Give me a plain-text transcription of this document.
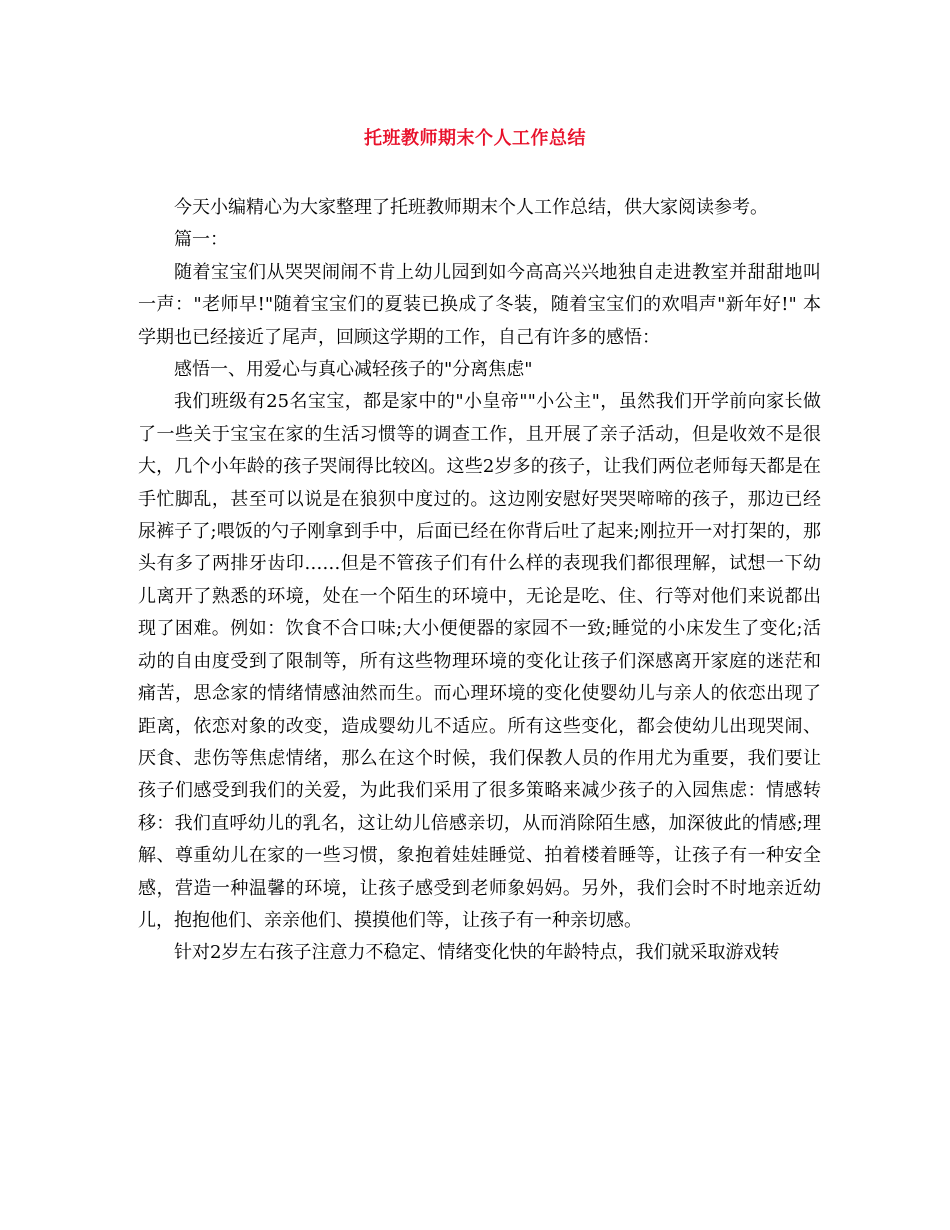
托班教师期末个人工作总结

今天小编精心为大家整理了托班教师期末个人工作总结，供大家阅读参考。

篇一：

随着宝宝们从哭哭闹闹不肯上幼儿园到如今高高兴兴地独自走进教室并甜甜地叫一声："老师早!"随着宝宝们的夏装已换成了冬装，随着宝宝们的欢唱声"新年好!" 本学期也已经接近了尾声，回顾这学期的工作，自己有许多的感悟：

感悟一、用爱心与真心减轻孩子的"分离焦虑"

我们班级有25名宝宝，都是家中的"小皇帝""小公主"，虽然我们开学前向家长做了一些关于宝宝在家的生活习惯等的调查工作，且开展了亲子活动，但是收效不是很大，几个小年龄的孩子哭闹得比较凶。这些2岁多的孩子，让我们两位老师每天都是在手忙脚乱，甚至可以说是在狼狈中度过的。这边刚安慰好哭哭啼啼的孩子，那边已经尿裤子了;喂饭的勺子刚拿到手中，后面已经在你背后吐了起来;刚拉开一对打架的，那头有多了两排牙齿印……但是不管孩子们有什么样的表现我们都很理解，试想一下幼儿离开了熟悉的环境，处在一个陌生的环境中，无论是吃、住、行等对他们来说都出现了困难。例如：饮食不合口味;大小便便器的家园不一致;睡觉的小床发生了变化;活动的自由度受到了限制等，所有这些物理环境的变化让孩子们深感离开家庭的迷茫和痛苦，思念家的情绪情感油然而生。而心理环境的变化使婴幼儿与亲人的依恋出现了距离，依恋对象的改变，造成婴幼儿不适应。所有这些变化，都会使幼儿出现哭闹、厌食、悲伤等焦虑情绪，那么在这个时候，我们保教人员的作用尤为重要，我们要让孩子们感受到我们的关爱，为此我们采用了很多策略来减少孩子的入园焦虑：情感转移：我们直呼幼儿的乳名，这让幼儿倍感亲切，从而消除陌生感，加深彼此的情感;理解、尊重幼儿在家的一些习惯，象抱着娃娃睡觉、拍着楼着睡等，让孩子有一种安全感，营造一种温馨的环境，让孩子感受到老师象妈妈。另外，我们会时不时地亲近幼儿，抱抱他们、亲亲他们、摸摸他们等，让孩子有一种亲切感。

针对2岁左右孩子注意力不稳定、情绪变化快的年龄特点，我们就采取游戏转
